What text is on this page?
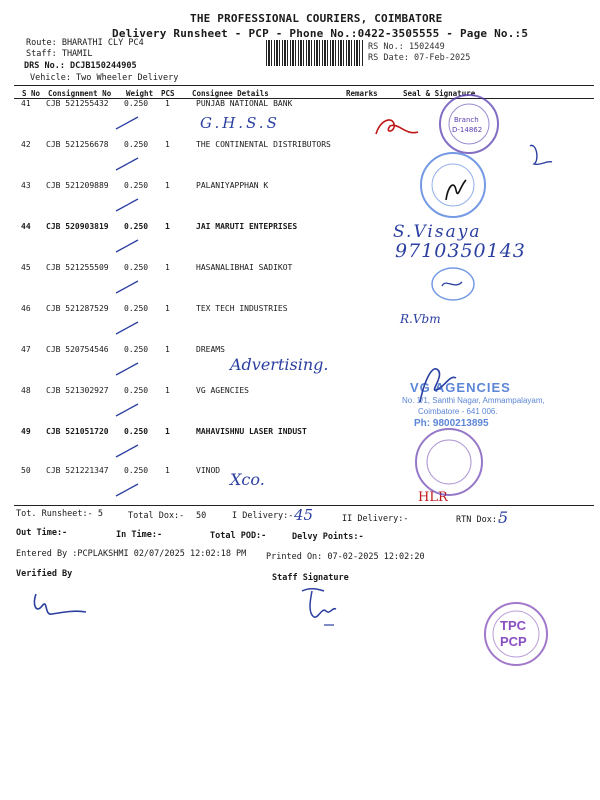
THE PROFESSIONAL COURIERS, COIMBATORE
Delivery Runsheet - PCP - Phone No.:0422-3505555 - Page No.:5
Route: BHARATHI CLY PC4
Staff: THAMIL
DRS No.: DCJB150244905
Vehicle: Two Wheeler Delivery
RS No.: 1502449
RS Date: 07-Feb-2025
S No Consignment No Weight PCS Consignee Details	Remarks	Seal & Signature
41 CJB 521255432 0.250 1	PUNJAB NATIONAL BANK
42 CJB 521256678 0.250 1	THE CONTINENTAL DISTRIBUTORS
43 CJB 521209889 0.250 1	PALANIYAPPHAN K
44 CJB 520903819 0.250 1	JAI MARUTI ENTEPRISES
45 CJB 521255509 0.250 1	HASANALIBHAI SADIKOT
46 CJB 521287529 0.250 1	TEX TECH INDUSTRIES
47 CJB 520754546 0.250 1	DREAMS
48 CJB 521302927 0.250 1	VG AGENCIES
49 CJB 521051720 0.250 1	MAHAVISHNU LASER INDUST
50 CJB 521221347 0.250 1	VINOD
G.H.S.S
S.Visaya
9710350143
R.Vbm
Advertising.
Xco.
HLR
45	5
Branch
D-14862
VG AGENCIES
No. 1/1, Santhi Nagar, Ammampalayam,
Coimbatore - 641 006.
Ph: 9800213895
Tot. Runsheet:- 5	Total Dox:- 50	I Delivery:-	II Delivery:-	RTN Dox:-
Out Time:-	In Time:-	Total POD:-	Delvy Points:-
Entered By :PCPLAKSHMI 02/07/2025 12:02:18 PM Printed On: 07-02-2025 12:02:20
Verified By	Staff Signature
TPC
PCP
